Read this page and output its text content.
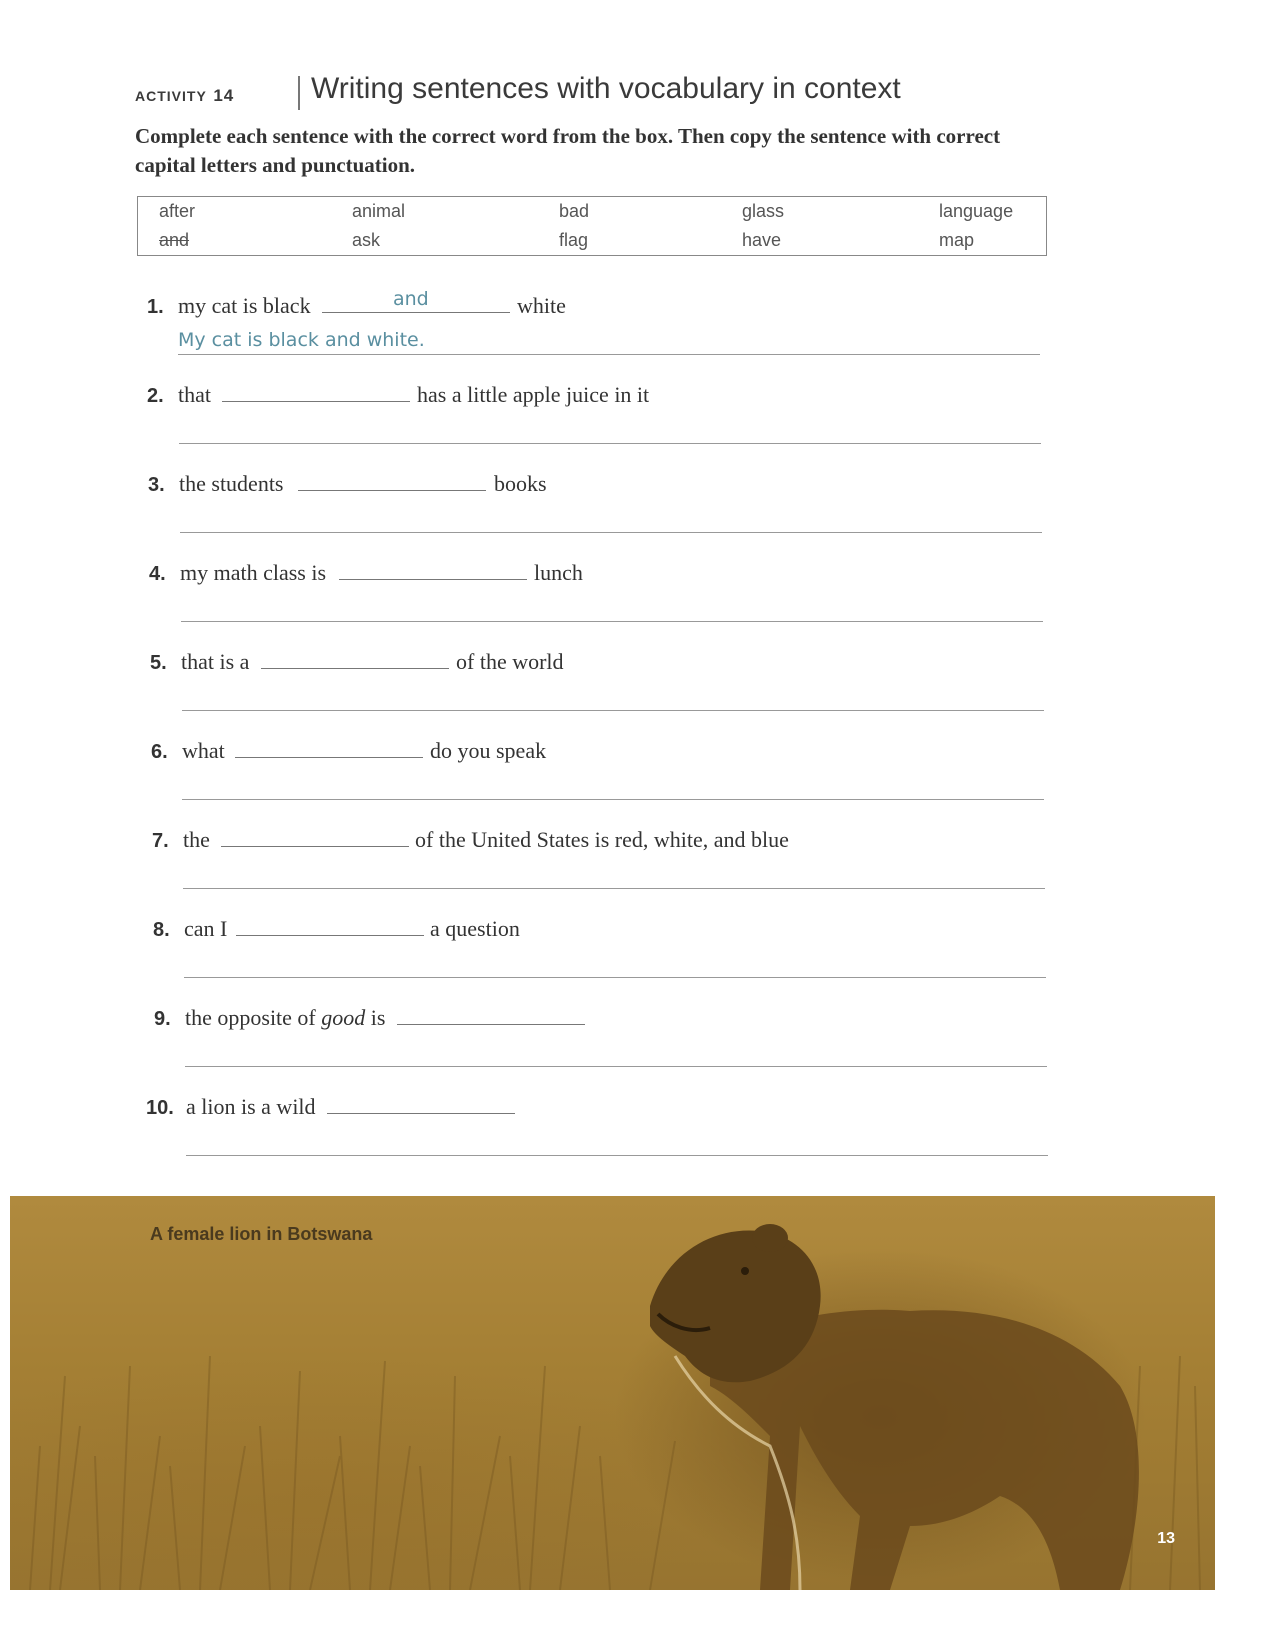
activity 14	Writing sentences with vocabulary in context
Complete each sentence with the correct word from the box. Then copy the sentence with correct capital letters and punctuation.
after	animal	bad	glass	language
and	ask	flag	have	map
1. my cat is black	and	white
My cat is black and white.
2. that	has a little apple juice in it
3. the students	books
4. my math class is	lunch
5. that is a	of the world
6. what	do you speak
7. the	of the United States is red, white, and blue
8. can I	a question
9. the opposite of good is
10. a lion is a wild
A female lion in Botswana
13
